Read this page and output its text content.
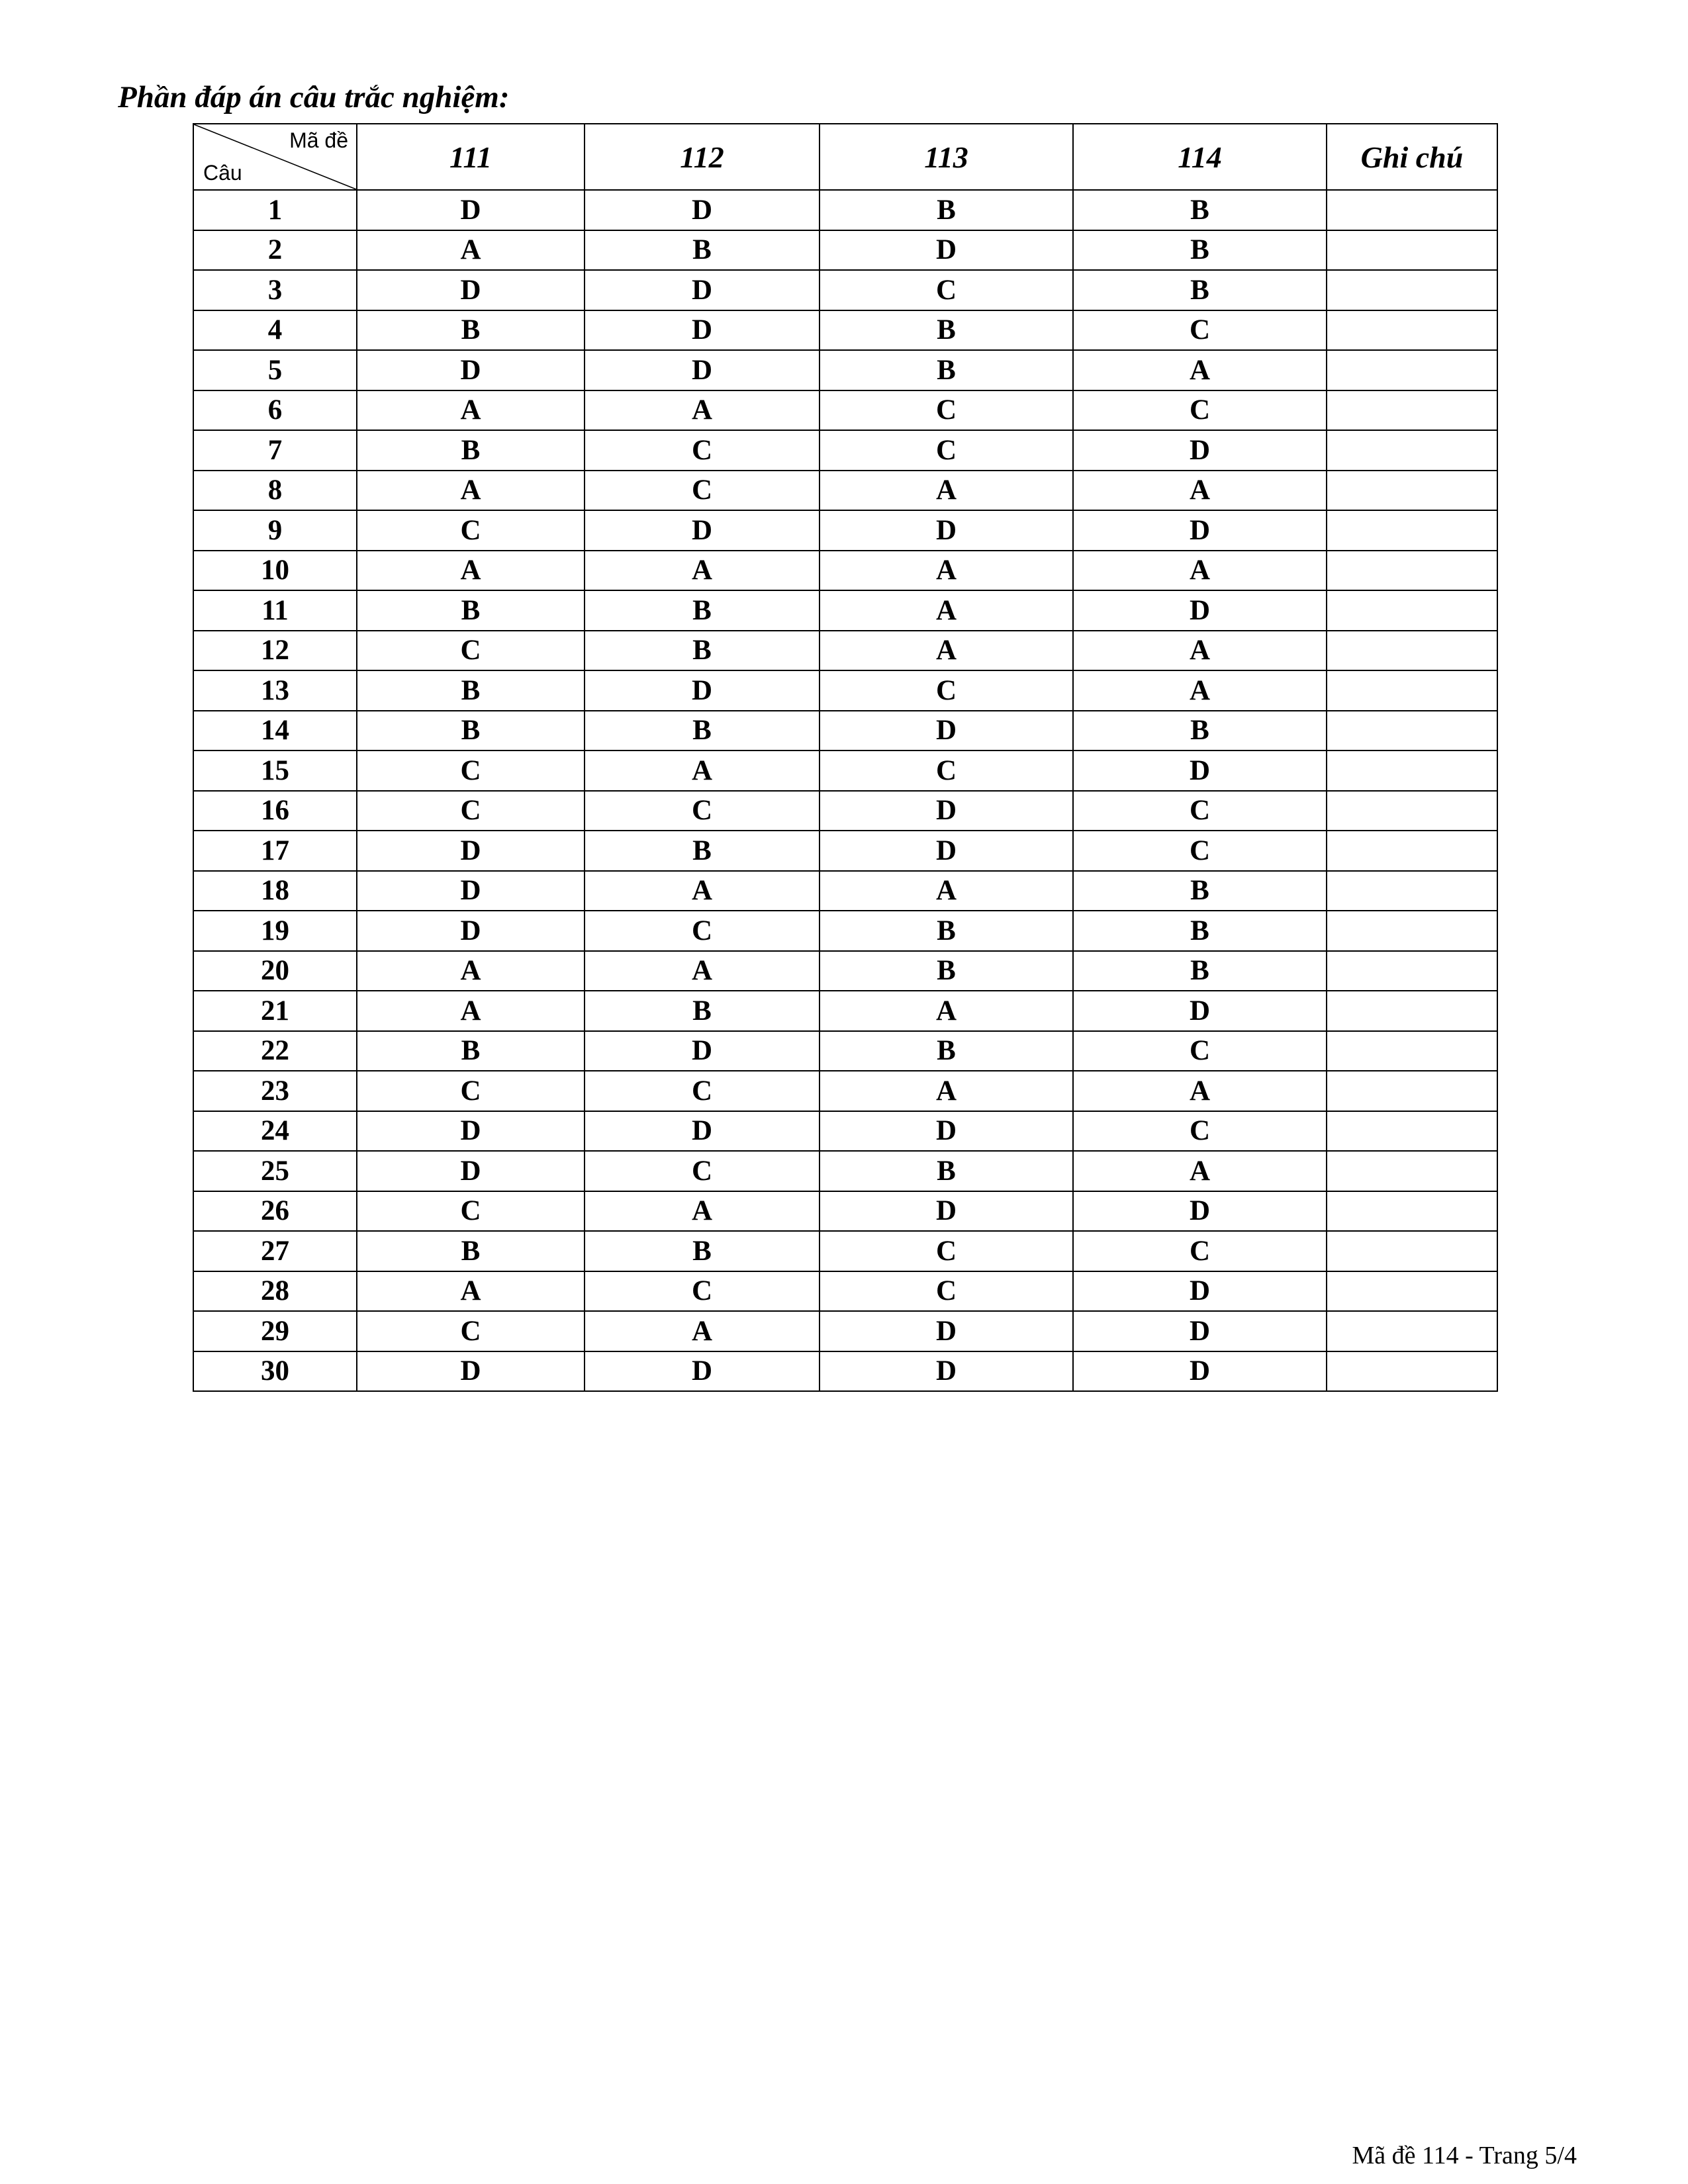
Phần đáp án câu trắc nghiệm:
Mã đề
Câu	111	112	113	114	Ghi chú
1	D	D	B	B	
2	A	B	D	B	
3	D	D	C	B	
4	B	D	B	C	
5	D	D	B	A	
6	A	A	C	C	
7	B	C	C	D	
8	A	C	A	A	
9	C	D	D	D	
10	A	A	A	A	
11	B	B	A	D	
12	C	B	A	A	
13	B	D	C	A	
14	B	B	D	B	
15	C	A	C	D	
16	C	C	D	C	
17	D	B	D	C	
18	D	A	A	B	
19	D	C	B	B	
20	A	A	B	B	
21	A	B	A	D	
22	B	D	B	C	
23	C	C	A	A	
24	D	D	D	C	
25	D	C	B	A	
26	C	A	D	D	
27	B	B	C	C	
28	A	C	C	D	
29	C	A	D	D	
30	D	D	D	D	
Mã đề 114 - Trang 5/4
